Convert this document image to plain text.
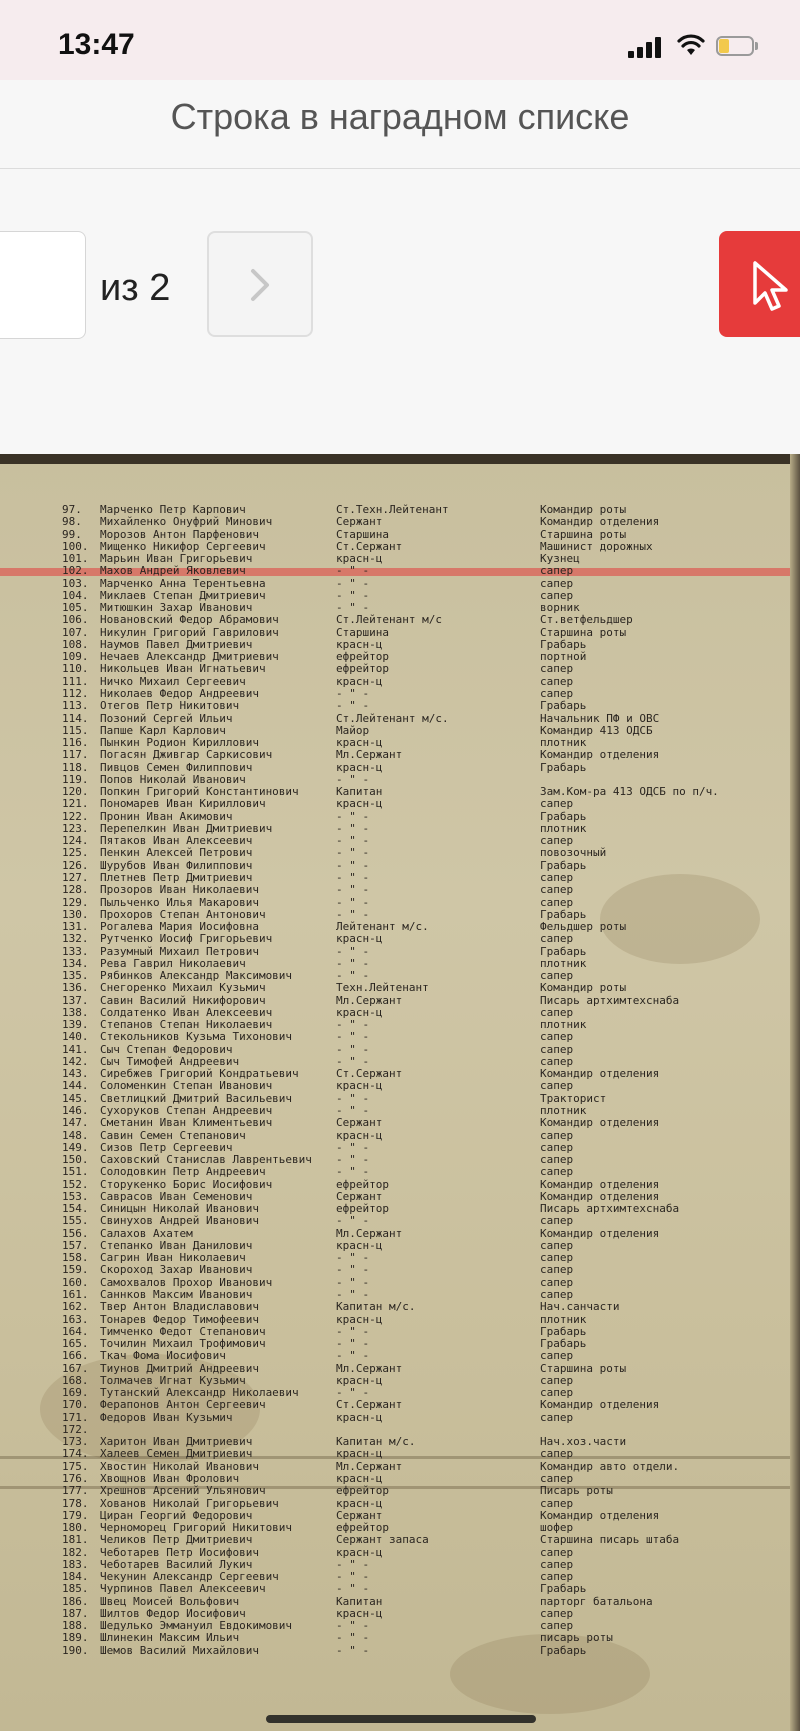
13:47
Строка в наградном списке
из 2
97.	Марченко Петр Карпович	Ст.Техн.Лейтенант	Командир роты
98.	Михайленко Онуфрий Минович	Сержант	Командир отделения
99.	Морозов Антон Парфенович	Старшина	Старшина роты
100.	Мищенко Никифор Сергеевич	Ст.Сержант	Машинист дорожных
101.	Марьин Иван Григорьевич	красн-ц	Кузнец
102.	Махов Андрей Яковлевич	- " -	сапер
103.	Марченко Анна Терентьевна	- " -	сапер
104.	Миклаев Степан Дмитриевич	- " -	сапер
105.	Митюшкин Захар Иванович	- " -	ворник
106.	Новановский Федор Абрамович	Ст.Лейтенант м/с	Ст.ветфельдшер
107.	Никулин Григорий Гаврилович	Старшина	Старшина роты
108.	Наумов Павел Дмитриевич	красн-ц	Грабарь
109.	Нечаев Александр Дмитриевич	ефрейтор	портной
110.	Никольцев Иван Игнатьевич	ефрейтор	сапер
111.	Ничко Михаил Сергеевич	красн-ц	сапер
112.	Николаев Федор Андреевич	- " -	сапер
113.	Отегов Петр Никитович	- " -	Грабарь
114.	Позоний Сергей Ильич	Ст.Лейтенант м/с.	Начальник ПФ и ОВС
115.	Папше Карл Карлович	Майор	Командир 413 ОДСБ
116.	Пынкин Родион Кириллович	красн-ц	плотник
117.	Погасян Дживгар Саркисович	Мл.Сержант	Командир отделения
118.	Пивцов Семен Филиппович	красн-ц	Грабарь
119.	Попов Николай Иванович	- " -
120.	Попкин Григорий Константинович	Капитан	Зам.Ком-ра 413 ОДСБ по п/ч.
121.	Пономарев Иван Кириллович	красн-ц	сапер
122.	Пронин Иван Акимович	- " -	Грабарь
123.	Перепелкин Иван Дмитриевич	- " -	плотник
124.	Пятаков Иван Алексеевич	- " -	сапер
125.	Пенкин Алексей Петрович	- " -	повозочный
126.	Шурубов Иван Филиппович	- " -	Грабарь
127.	Плетнев Петр Дмитриевич	- " -	сапер
128.	Прозоров Иван Николаевич	- " -	сапер
129.	Пыльченко Илья Макарович	- " -	сапер
130.	Прохоров Степан Антонович	- " -	Грабарь
131.	Рогалева Мария Иосифовна	Лейтенант м/с.	Фельдшер роты
132.	Рутченко Иосиф Григорьевич	красн-ц	сапер
133.	Разумный Михаил Петрович	- " -	Грабарь
134.	Рева Гаврил Николаевич	- " -	плотник
135.	Рябинков Александр Максимович	- " -	сапер
136.	Снегоренко Михаил Кузьмич	Техн.Лейтенант	Командир роты
137.	Савин Василий Никифорович	Мл.Сержант	Писарь артхимтехснаба
138.	Солдатенко Иван Алексеевич	красн-ц	сапер
139.	Степанов Степан Николаевич	- " -	плотник
140.	Стекольников Кузьма Тихонович	- " -	сапер
141.	Сыч Степан Федорович	- " -	сапер
142.	Сыч Тимофей Андреевич	- " -	сапер
143.	Сиребжев Григорий Кондратьевич	Ст.Сержант	Командир отделения
144.	Соломенкин Степан Иванович	красн-ц	сапер
145.	Светлицкий Дмитрий Васильевич	- " -	Тракторист
146.	Сухоруков Степан Андреевич	- " -	плотник
147.	Сметанин Иван Климентьевич	Сержант	Командир отделения
148.	Савин Семен Степанович	красн-ц	сапер
149.	Сизов Петр Сергеевич	- " -	сапер
150.	Саховский Станислав Лаврентьевич	- " -	сапер
151.	Солодовкин Петр Андреевич	- " -	сапер
152.	Сторукенко Борис Иосифович	ефрейтор	Командир отделения
153.	Саврасов Иван Семенович	Сержант	Командир отделения
154.	Синицын Николай Иванович	ефрейтор	Писарь артхимтехснаба
155.	Свинухов Андрей Иванович	- " -	сапер
156.	Салахов Ахатем	Мл.Сержант	Командир отделения
157.	Степанко Иван Данилович	красн-ц	сапер
158.	Сагрин Иван Николаевич	- " -	сапер
159.	Скороход Захар Иванович	- " -	сапер
160.	Самохвалов Прохор Иванович	- " -	сапер
161.	Саннков Максим Иванович	- " -	сапер
162.	Твер Антон Владиславович	Капитан м/с.	Нач.санчасти
163.	Тонарев Федор Тимофеевич	красн-ц	плотник
164.	Тимченко Федот Степанович	- " -	Грабарь
165.	Точилин Михаил Трофимович	- " -	Грабарь
166.	Ткач Фома Иосифович	- " -	сапер
167.	Тиунов Дмитрий Андреевич	Мл.Сержант	Старшина роты
168.	Толмачев Игнат Кузьмич	красн-ц	сапер
169.	Тутанский Александр Николаевич	- " -	сапер
170.	Ферапонов Антон Сергеевич	Ст.Сержант	Командир отделения
171.	Федоров Иван Кузьмич	красн-ц	сапер
172.
173.	Харитон Иван Дмитриевич	Капитан м/с.	Нач.хоз.части
174.	Халеев Семен Дмитриевич	красн-ц	сапер
175.	Хвостин Николай Иванович	Мл.Сержант	Командир авто отдели.
176.	Хвощнов Иван Фролович	красн-ц	сапер
177.	Хрешнов Арсений Ульянович	ефрейтор	Писарь роты
178.	Хованов Николай Григорьевич	красн-ц	сапер
179.	Циран Георгий Федорович	Сержант	Командир отделения
180.	Черноморец Григорий Никитович	ефрейтор	шофер
181.	Челиков Петр Дмитриевич	Сержант запаса	Старшина писарь штаба
182.	Чеботарев Петр Иосифович	красн-ц	сапер
183.	Чеботарев Василий Лукич	- " -	сапер
184.	Чекунин Александр Сергеевич	- " -	сапер
185.	Чурпинов Павел Алексеевич	- " -	Грабарь
186.	Швец Моисей Вольфович	Капитан	парторг батальона
187.	Шилтов Федор Иосифович	красн-ц	сапер
188.	Шедулько Эммануил Евдокимович	- " -	сапер
189.	Шлинекин Максим Ильич	- " -	писарь роты
190.	Шемов Василий Михайлович	- " -	Грабарь
